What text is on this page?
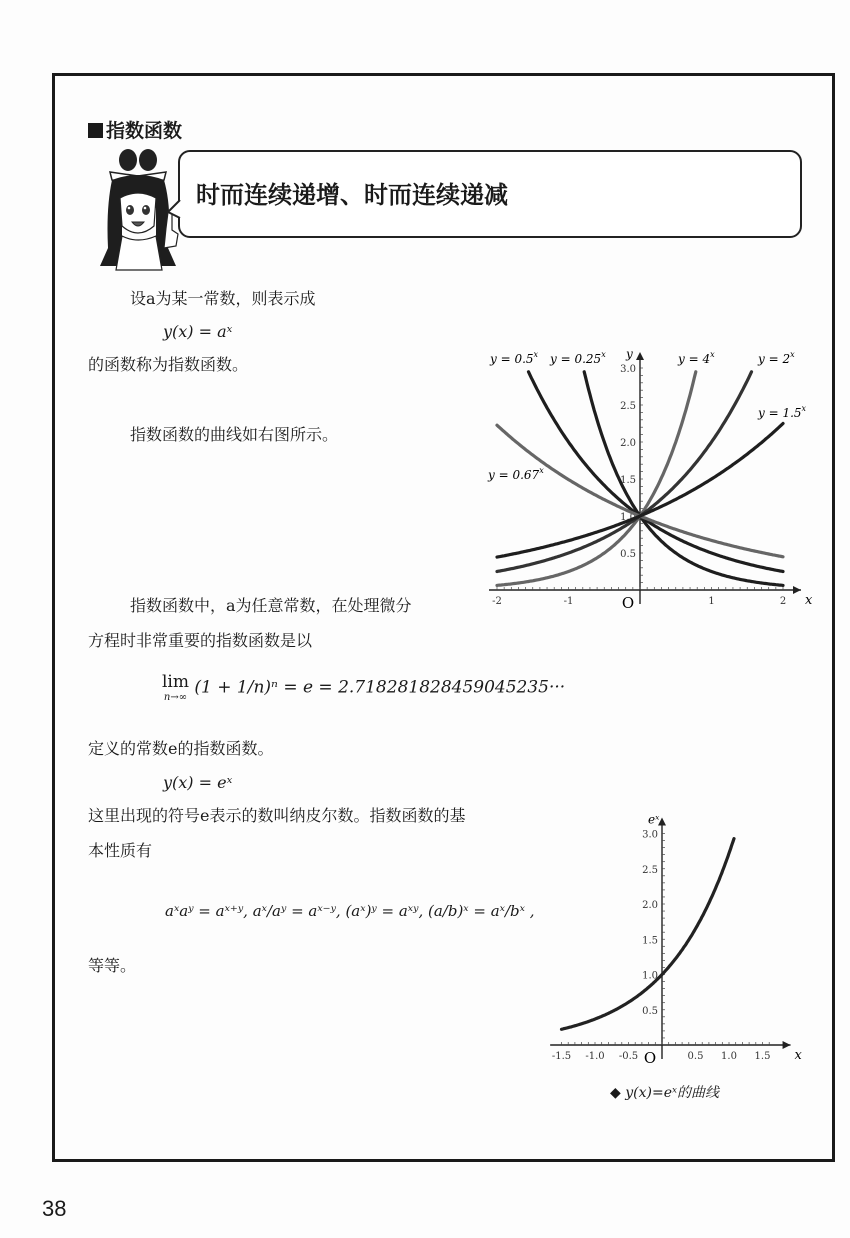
指数函数
时而连续递增、时而连续递减
设a为某一常数，则表示成
y(x) = aˣ
的函数称为指数函数。
指数函数的曲线如右图所示。
指数函数中，a为任意常数，在处理微分
方程时非常重要的指数函数是以
lim
n→∞ (1 + 1/n)ⁿ = e = 2.718281828459045235···
定义的常数e的指数函数。
y(x) = eˣ
这里出现的符号e表示的数叫纳皮尔数。指数函数的基
本性质有
aˣaʸ = aˣ⁺ʸ, aˣ/aʸ = aˣ⁻ʸ, (aˣ)ʸ = aˣʸ, (a/b)ˣ = aˣ/bˣ ,
等等。
-2	-1	1	2
0.5
1.0
1.5
2.0
2.5
3.0
O	x
y
$y = 0.5^x$ $y = 0.25^x$
$y = 0.67^x$
$y = 4^x$	$y = 2^x$
$y = 1.5^x$
-1.5 -1.0 -0.5	0.5 1.0 1.5
0.5
1.0
1.5
2.0
2.5
3.0
O	x
eˣ
◆ y(x)=eˣ的曲线
38
